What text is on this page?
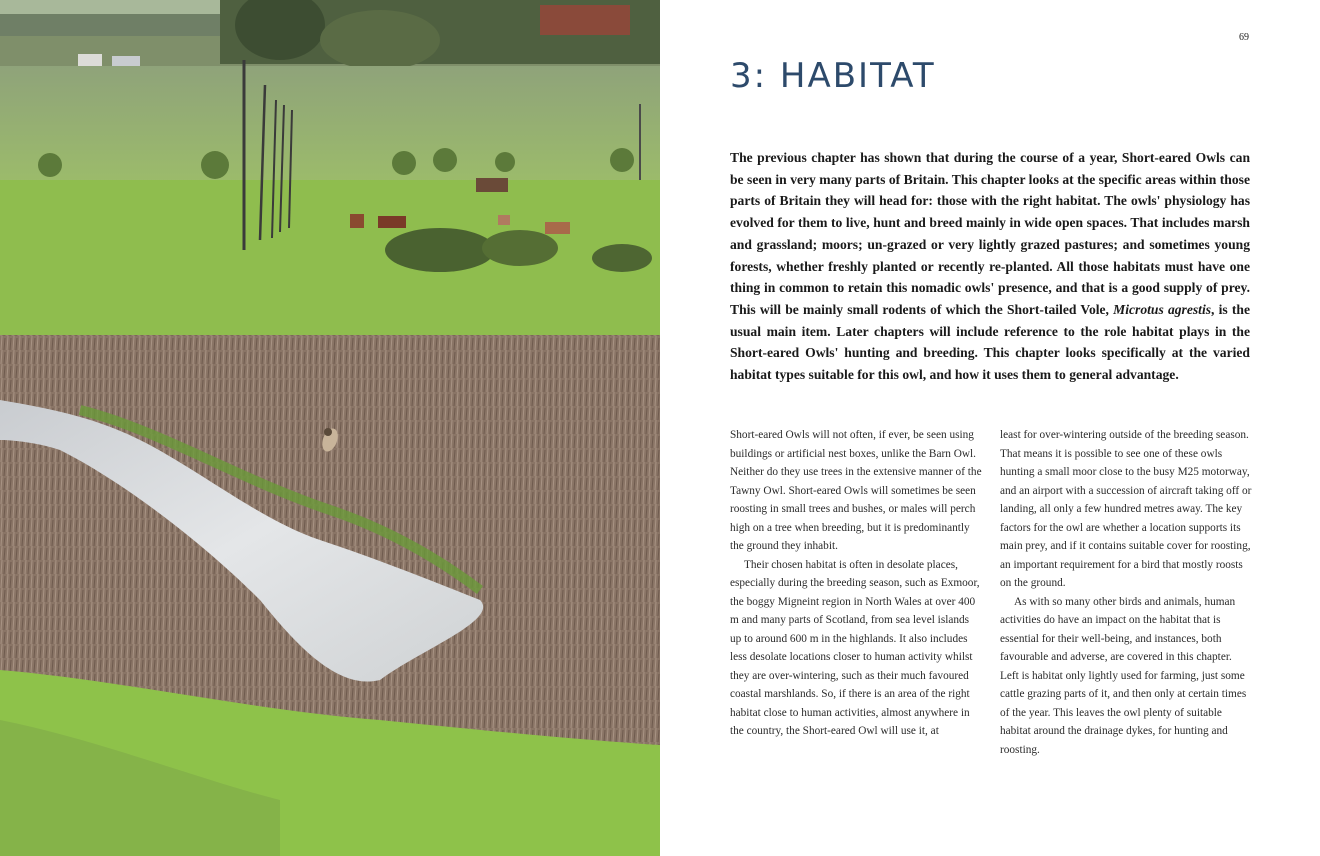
69
3: HABITAT

The previous chapter has shown that during the course of a year, Short-eared Owls can be seen in very many parts of Britain. This chapter looks at the specific areas within those parts of Britain they will head for: those with the right habitat. The owls' physiology has evolved for them to live, hunt and breed mainly in wide open spaces. That includes marsh and grassland; moors; un-grazed or very lightly grazed pastures; and sometimes young forests, whether freshly planted or recently re-planted. All those habitats must have one thing in common to retain this nomadic owls' presence, and that is a good supply of prey. This will be mainly small rodents of which the Short-tailed Vole, Microtus agrestis, is the usual main item. Later chapters will include reference to the role habitat plays in the Short-eared Owls' hunting and breeding. This chapter looks specifically at the varied habitat types suitable for this owl, and how it uses them to general advantage.

Short-eared Owls will not often, if ever, be seen using buildings or artificial nest boxes, unlike the Barn Owl. Neither do they use trees in the extensive manner of the Tawny Owl. Short-eared Owls will sometimes be seen roosting in small trees and bushes, or males will perch high on a tree when breeding, but it is predominantly the ground they inhabit.

Their chosen habitat is often in desolate places, especially during the breeding season, such as Exmoor, the boggy Migneint region in North Wales at over 400 m and many parts of Scotland, from sea level islands up to around 600 m in the highlands. It also includes less desolate locations closer to human activity whilst they are over-wintering, such as their much favoured coastal marshlands. So, if there is an area of the right habitat close to human activities, almost anywhere in the country, the Short-eared Owl will use it, at

least for over-wintering outside of the breeding season. That means it is possible to see one of these owls hunting a small moor close to the busy M25 motorway, and an airport with a succession of aircraft taking off or landing, all only a few hundred metres away. The key factors for the owl are whether a location supports its main prey, and if it contains suitable cover for roosting, an important requirement for a bird that mostly roosts on the ground.

As with so many other birds and animals, human activities do have an impact on the habitat that is essential for their well-being, and instances, both favourable and adverse, are covered in this chapter. Left is habitat only lightly used for farming, just some cattle grazing parts of it, and then only at certain times of the year. This leaves the owl plenty of suitable habitat around the drainage dykes, for hunting and roosting.
